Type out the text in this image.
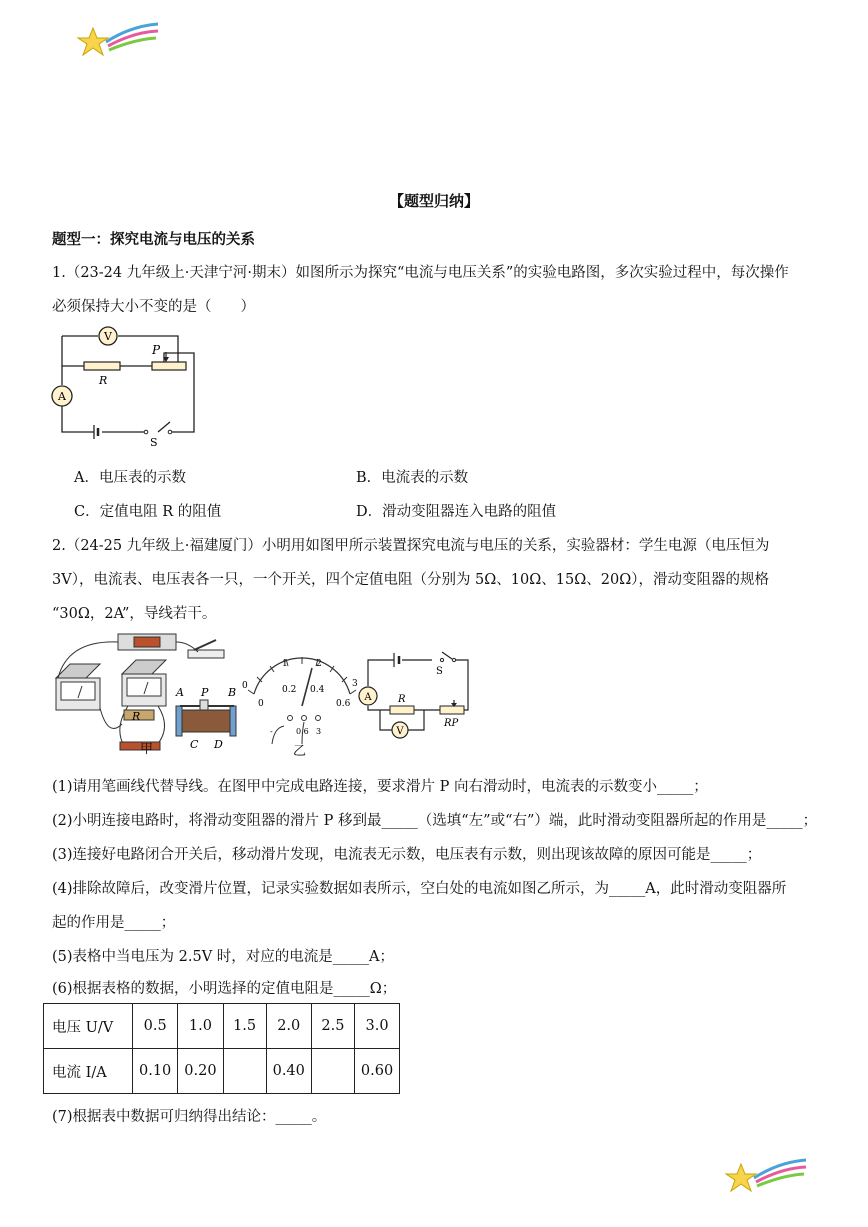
【题型归纳】
题型一：探究电流与电压的关系
1.（23-24 九年级上·天津宁河·期末）如图所示为探究“电流与电压关系”的实验电路图，多次实验过程中，每次操作
必须保持大小不变的是（　　）
V
R
P
A
S
A．电压表的示数	B．电流表的示数
C．定值电阻 R 的阻值	D．滑动变阻器连入电路的阻值
2.（24-25 九年级上·福建厦门）小明用如图甲所示装置探究电流与电压的关系，实验器材：学生电源（电压恒为
3V），电流表、电压表各一只，一个开关，四个定值电阻（分别为 5Ω、10Ω、15Ω、20Ω），滑动变阻器的规格
“30Ω，2A”，导线若干。
R
A P B
C D
甲
0
1	2
3
0.2 0.4
0	0.6
-	0.6 3
乙
S
A	R
RP
V
(1)请用笔画线代替导线。在图甲中完成电路连接，要求滑片 P 向右滑动时，电流表的示数变小_____；
(2)小明连接电路时，将滑动变阻器的滑片 P 移到最_____（选填“左”或“右”）端，此时滑动变阻器所起的作用是_____；
(3)连接好电路闭合开关后，移动滑片发现，电流表无示数，电压表有示数，则出现该故障的原因可能是_____；
(4)排除故障后，改变滑片位置，记录实验数据如表所示，空白处的电流如图乙所示，为_____A，此时滑动变阻器所
起的作用是_____；
(5)表格中当电压为 2.5V 时，对应的电流是_____A；
(6)根据表格的数据，小明选择的定值电阻是_____Ω；
电压 U/V	0.5	1.0	1.5	2.0	2.5	3.0
电流 I/A	0.10	0.20		0.40		0.60
(7)根据表中数据可归纳得出结论：_____。
